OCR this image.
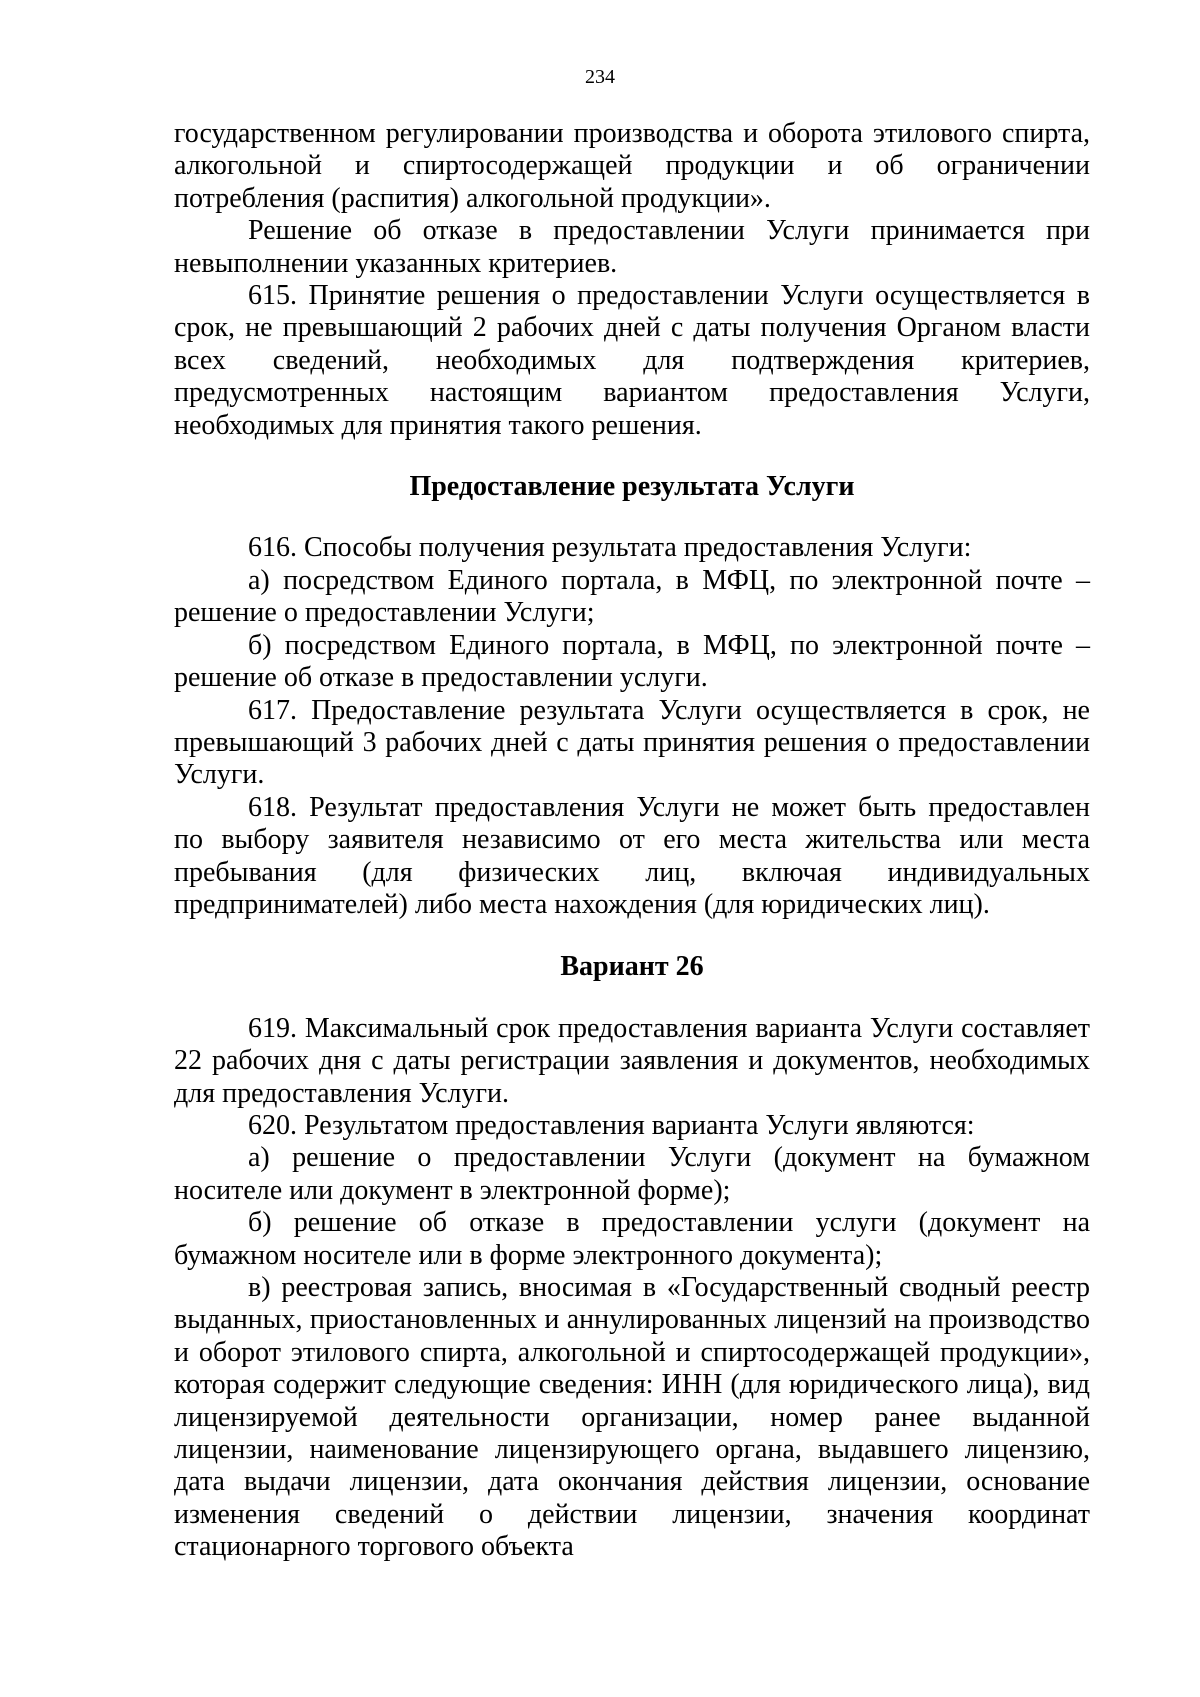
234

государственном регулировании производства и оборота этилового спирта, алкогольной и спиртосодержащей продукции и об ограничении потребления (распития) алкогольной продукции».

Решение об отказе в предоставлении Услуги принимается при невыполнении указанных критериев.

615. Принятие решения о предоставлении Услуги осуществляется в срок, не превышающий 2 рабочих дней с даты получения Органом власти всех сведений, необходимых для подтверждения критериев, предусмотренных настоящим вариантом предоставления Услуги, необходимых для принятия такого решения.

Предоставление результата Услуги

616. Способы получения результата предоставления Услуги:

а) посредством Единого портала, в МФЦ, по электронной почте – решение о предоставлении Услуги;

б) посредством Единого портала, в МФЦ, по электронной почте – решение об отказе в предоставлении услуги.

617. Предоставление результата Услуги осуществляется в срок, не превышающий 3 рабочих дней с даты принятия решения о предоставлении Услуги.

618. Результат предоставления Услуги не может быть предоставлен по выбору заявителя независимо от его места жительства или места пребывания (для физических лиц, включая индивидуальных предпринимателей) либо места нахождения (для юридических лиц).

Вариант 26

619. Максимальный срок предоставления варианта Услуги составляет 22 рабочих дня с даты регистрации заявления и документов, необходимых для предоставления Услуги.

620. Результатом предоставления варианта Услуги являются:

а) решение о предоставлении Услуги (документ на бумажном носителе или документ в электронной форме);

б) решение об отказе в предоставлении услуги (документ на бумажном носителе или в форме электронного документа);

в) реестровая запись, вносимая в «Государственный сводный реестр выданных, приостановленных и аннулированных лицензий на производство и оборот этилового спирта, алкогольной и спиртосодержащей продукции», которая содержит следующие сведения: ИНН (для юридического лица), вид лицензируемой деятельности организации, номер ранее выданной лицензии, наименование лицензирующего органа, выдавшего лицензию, дата выдачи лицензии, дата окончания действия лицензии, основание изменения сведений о действии лицензии, значения координат стационарного торгового объекта
